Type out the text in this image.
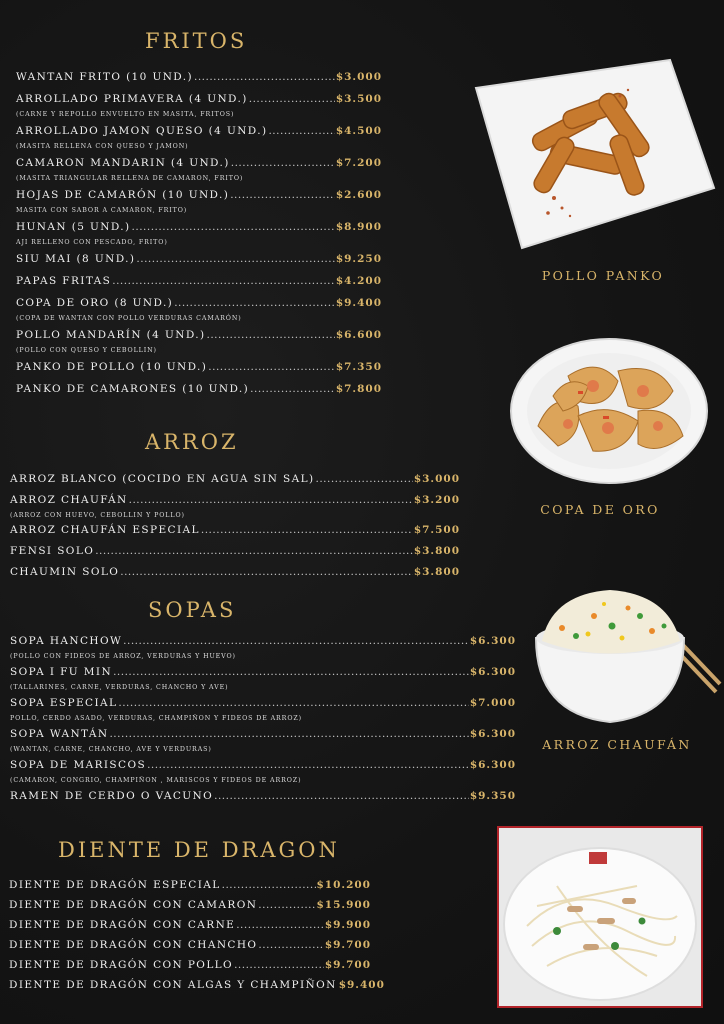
FRITOS
WANTAN FRITO (10 UND.) .....	$3.000
ARROLLADO PRIMAVERA (4 UND.) .....	$3.500
(CARNE Y REPOLLO ENVUELTO EN MASITA, FRITOS)
ARROLLADO JAMON QUESO (4 UND.) .....	$4.500
(MASITA RELLENA CON QUESO Y JAMON)
CAMARON MANDARIN (4 UND.) .....	$7.200
(MASITA TRIANGULAR RELLENA DE CAMARON, FRITO)
HOJAS DE CAMARÓN (10 UND.) .....	$2.600
MASITA CON SABOR A CAMARON, FRITO)
HUNAN (5 UND.) .....	$8.900
AJI RELLENO CON PESCADO, FRITO)
SIU MAI (8 UND.) .....	$9.250
PAPAS FRITAS .....	$4.200
COPA DE ORO (8 UND.) .....	$9.400
(COPA DE WANTAN CON POLLO VERDURAS CAMARÓN)
POLLO MANDARÍN (4 UND.) .....	$6.600
(POLLO CON QUESO Y CEBOLLIN)
PANKO DE POLLO (10 UND.) .....	$7.350
PANKO DE CAMARONES (10 UND.) .....	$7.800
ARROZ
ARROZ BLANCO (COCIDO EN AGUA SIN SAL) .....	$3.000
ARROZ CHAUFÁN .....	$3.200
(ARROZ CON HUEVO, CEBOLLIN Y POLLO)
ARROZ CHAUFÁN ESPECIAL .....	$7.500
FENSI SOLO .....	$3.800
CHAUMIN SOLO .....	$3.800
SOPAS
SOPA HANCHOW .....	$6.300
(POLLO CON FIDEOS DE ARROZ, VERDURAS Y HUEVO)
SOPA I FU MIN .....	$6.300
(TALLARINES, CARNE, VERDURAS, CHANCHO Y AVE)
SOPA ESPECIAL .....	$7.000
POLLO, CERDO ASADO, VERDURAS, CHAMPIÑON Y FIDEOS DE ARROZ)
SOPA WANTÁN .....	$6.300
(WANTAN, CARNE, CHANCHO, AVE Y VERDURAS)
SOPA DE MARISCOS .....	$6.300
(CAMARON, CONGRIO, CHAMPIÑON , MARISCOS Y FIDEOS DE ARROZ)
RAMEN DE CERDO O VACUNO .....	$9.350
DIENTE DE DRAGON
DIENTE DE DRAGÓN ESPECIAL .....	$10.200
DIENTE DE DRAGÓN CON CAMARON .....	$15.900
DIENTE DE DRAGÓN CON CARNE .....	$9.900
DIENTE DE DRAGÓN CON CHANCHO .....	$9.700
DIENTE DE DRAGÓN CON POLLO .....	$9.700
DIENTE DE DRAGÓN CON ALGAS Y CHAMPIÑON $9.400
POLLO PANKO
COPA DE ORO
ARROZ CHAUFÁN
